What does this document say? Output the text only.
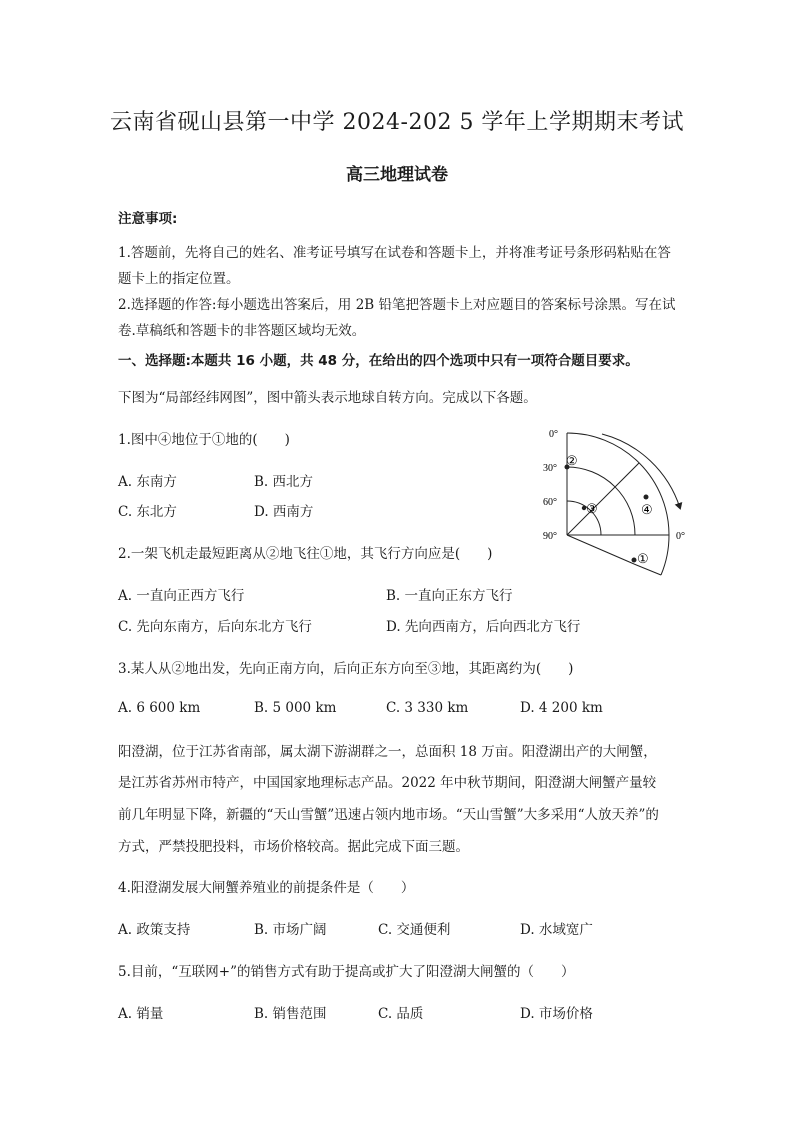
云南省砚山县第一中学 2024-202 5 学年上学期期末考试
高三地理试卷
注意事项:
1.答题前，先将自己的姓名、准考证号填写在试卷和答题卡上，并将准考证号条形码粘贴在答题卡上的指定位置。
2.选择题的作答:每小题选出答案后，用 2B 铅笔把答题卡上对应题目的答案标号涂黑。写在试卷.草稿纸和答题卡的非答题区域均无效。
一、选择题:本题共 16 小题，共 48 分，在给出的四个选项中只有一项符合题目要求。
下图为“局部经纬网图”，图中箭头表示地球自转方向。完成以下各题。
1.图中④地位于①地的(　　)
A. 东南方	B. 西北方
C. 东北方	D. 西南方
0°
30°
60°
90°	0°
②
③	④
①
2.一架飞机走最短距离从②地飞往①地，其飞行方向应是(　　)
A. 一直向正西方飞行	B. 一直向正东方飞行
C. 先向东南方，后向东北方飞行	D. 先向西南方，后向西北方飞行
3.某人从②地出发，先向正南方向，后向正东方向至③地，其距离约为(　　)
A. 6 600 km	B. 5 000 km	C. 3 330 km	D. 4 200 km
阳澄湖，位于江苏省南部，属太湖下游湖群之一，总面积 18 万亩。阳澄湖出产的大闸蟹，
是江苏省苏州市特产，中国国家地理标志产品。2022 年中秋节期间，阳澄湖大闸蟹产量较
前几年明显下降，新疆的“天山雪蟹”迅速占领内地市场。“天山雪蟹”大多采用“人放天养”的
方式，严禁投肥投料，市场价格较高。据此完成下面三题。
4.阳澄湖发展大闸蟹养殖业的前提条件是（　　）
A. 政策支持	B. 市场广阔	C. 交通便利	D. 水域宽广
5.目前，“互联网+”的销售方式有助于提高或扩大了阳澄湖大闸蟹的（　　）
A. 销量	B. 销售范围	C. 品质	D. 市场价格
